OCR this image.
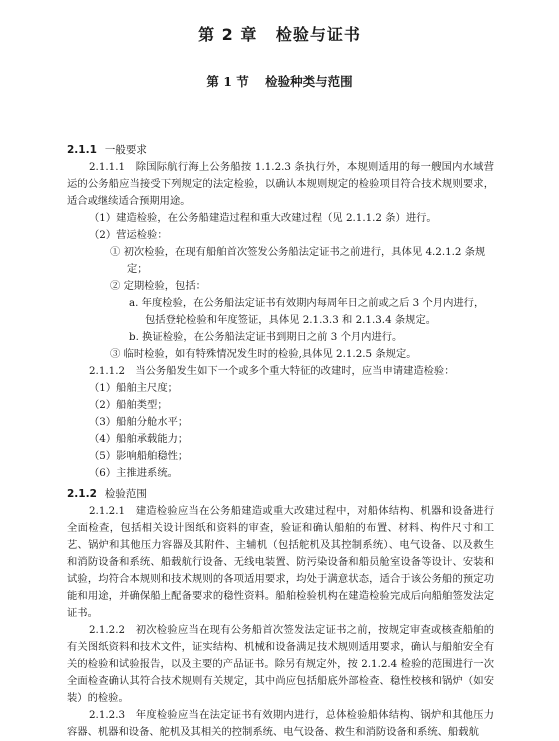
第 2 章 检验与证书
第 1 节 检验种类与范围
2.1.1 一般要求

2.1.1.1　除国际航行海上公务船按 1.1.2.3 条执行外，本规则适用的每一艘国内水域营运的公务船应当接受下列规定的法定检验，以确认本规则规定的检验项目符合技术规则要求，适合或继续适合预期用途。

（1）建造检验，在公务船建造过程和重大改建过程（见 2.1.1.2 条）进行。

（2）营运检验：

① 初次检验，在现有船舶首次签发公务船法定证书之前进行，具体见 4.2.1.2 条规定；

② 定期检验，包括：

a. 年度检验，在公务船法定证书有效期内每周年日之前或之后 3 个月内进行，包括登轮检验和年度签证，具体见 2.1.3.3 和 2.1.3.4 条规定。

b. 换证检验，在公务船法定证书到期日之前 3 个月内进行。

③ 临时检验，如有特殊情况发生时的检验,具体见 2.1.2.5 条规定。

2.1.1.2　当公务船发生如下一个或多个重大特征的改建时，应当申请建造检验：

（1）船舶主尺度；

（2）船舶类型；

（3）船舶分舱水平；

（4）船舶承载能力；

（5）影响船舶稳性；

（6）主推进系统。

2.1.2 检验范围

2.1.2.1　建造检验应当在公务船建造或重大改建过程中，对船体结构、机器和设备进行全面检查，包括相关设计图纸和资料的审查，验证和确认船舶的布置、材料、构件尺寸和工艺、锅炉和其他压力容器及其附件、主辅机（包括舵机及其控制系统）、电气设备、以及救生和消防设备和系统、船载航行设备、无线电装置、防污染设备和船员舱室设备等设计、安装和试验，均符合本规则和技术规则的各项适用要求，均处于满意状态，适合于该公务船的预定功能和用途，并确保船上配备要求的稳性资料。船舶检验机构在建造检验完成后向船舶签发法定证书。

2.1.2.2　初次检验应当在现有公务船首次签发法定证书之前，按规定审查或核查船舶的有关图纸资料和技术文件，证实结构、机械和设备满足技术规则适用要求，确认与船舶安全有关的检验和试验报告，以及主要的产品证书。除另有规定外，按 2.1.2.4 检验的范围进行一次全面检查确认其符合技术规则有关规定，其中尚应包括船底外部检查、稳性校核和锅炉（如安装）的检验。

2.1.2.3　年度检验应当在法定证书有效期内进行，总体检验船体结构、锅炉和其他压力容器、机器和设备、舵机及其相关的控制系统、电气设备、救生和消防设备和系统、船载航
